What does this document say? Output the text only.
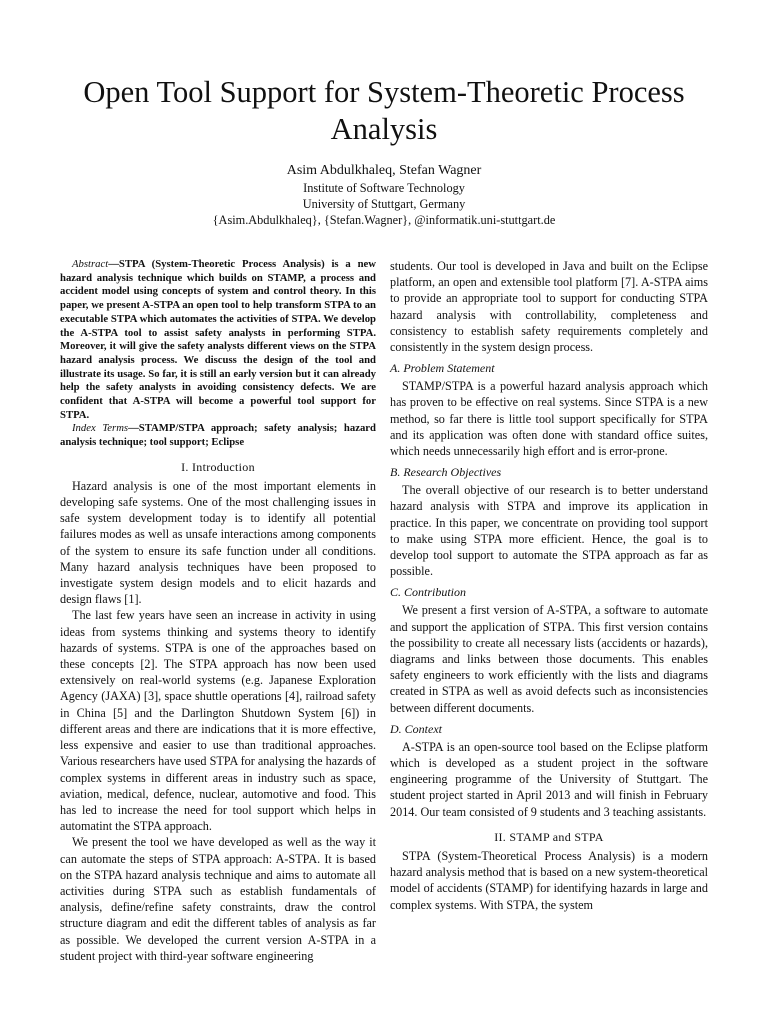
Open Tool Support for System-Theoretic Process Analysis
Asim Abdulkhaleq, Stefan Wagner
Institute of Software Technology
University of Stuttgart, Germany
{Asim.Abdulkhaleq}, {Stefan.Wagner}, @informatik.uni-stuttgart.de

Abstract—STPA (System-Theoretic Process Analysis) is a new hazard analysis technique which builds on STAMP, a process and accident model using concepts of system and control theory. In this paper, we present A-STPA an open tool to help transform STPA to an executable STPA which automates the activities of STPA. We develop the A-STPA tool to assist safety analysts in performing STPA. Moreover, it will give the safety analysts different views on the STPA hazard analysis process. We discuss the design of the tool and illustrate its usage. So far, it is still an early version but it can already help the safety analysts in avoiding consistency defects. We are confident that A-STPA will become a powerful tool support for STPA.

Index Terms—STAMP/STPA approach; safety analysis; hazard analysis technique; tool support; Eclipse

I. Introduction

Hazard analysis is one of the most important elements in developing safe systems. One of the most challenging issues in safe system development today is to identify all potential failures modes as well as unsafe interactions among components of the system to ensure its safe function under all conditions. Many hazard analysis techniques have been proposed to investigate system design models and to elicit hazards and design flaws [1].

The last few years have seen an increase in activity in using ideas from systems thinking and systems theory to identify hazards of systems. STPA is one of the approaches based on these concepts [2]. The STPA approach has now been used extensively on real-world systems (e.g. Japanese Exploration Agency (JAXA) [3], space shuttle operations [4], railroad safety in China [5] and the Darlington Shutdown System [6]) in different areas and there are indications that it is more effective, less expensive and easier to use than traditional approaches. Various researchers have used STPA for analysing the hazards of complex systems in different areas in industry such as space, aviation, medical, defence, nuclear, automotive and food. This has led to increase the need for tool support which helps in automatint the STPA approach.

We present the tool we have developed as well as the way it can automate the steps of STPA approach: A-STPA. It is based on the STPA hazard analysis technique and aims to automate all activities during STPA such as establish fundamentals of analysis, define/refine safety constraints, draw the control structure diagram and edit the different tables of analysis as far as possible. We developed the current version A-STPA in a student project with third-year software engineering

students. Our tool is developed in Java and built on the Eclipse platform, an open and extensible tool platform [7]. A-STPA aims to provide an appropriate tool to support for conducting STPA hazard analysis with controllability, completeness and consistency to establish safety requirements completely and consistently in the system design process.

A. Problem Statement

STAMP/STPA is a powerful hazard analysis approach which has proven to be effective on real systems. Since STPA is a new method, so far there is little tool support specifically for STPA and its application was often done with standard office suites, which needs unnecessarily high effort and is error-prone.

B. Research Objectives

The overall objective of our research is to better understand hazard analysis with STPA and improve its application in practice. In this paper, we concentrate on providing tool support to make using STPA more efficient. Hence, the goal is to develop tool support to automate the STPA approach as far as possible.

C. Contribution

We present a first version of A-STPA, a software to automate and support the application of STPA. This first version contains the possibility to create all necessary lists (accidents or hazards), diagrams and links between those documents. This enables safety engineers to work efficiently with the lists and diagrams created in STPA as well as avoid defects such as inconsistencies between different documents.

D. Context

A-STPA is an open-source tool based on the Eclipse platform which is developed as a student project in the software engineering programme of the University of Stuttgart. The student project started in April 2013 and will finish in February 2014. Our team consisted of 9 students and 3 teaching assistants.

II. STAMP and STPA

STPA (System-Theoretical Process Analysis) is a modern hazard analysis method that is based on a new system-theoretical model of accidents (STAMP) for identifying hazards in large and complex systems. With STPA, the system
